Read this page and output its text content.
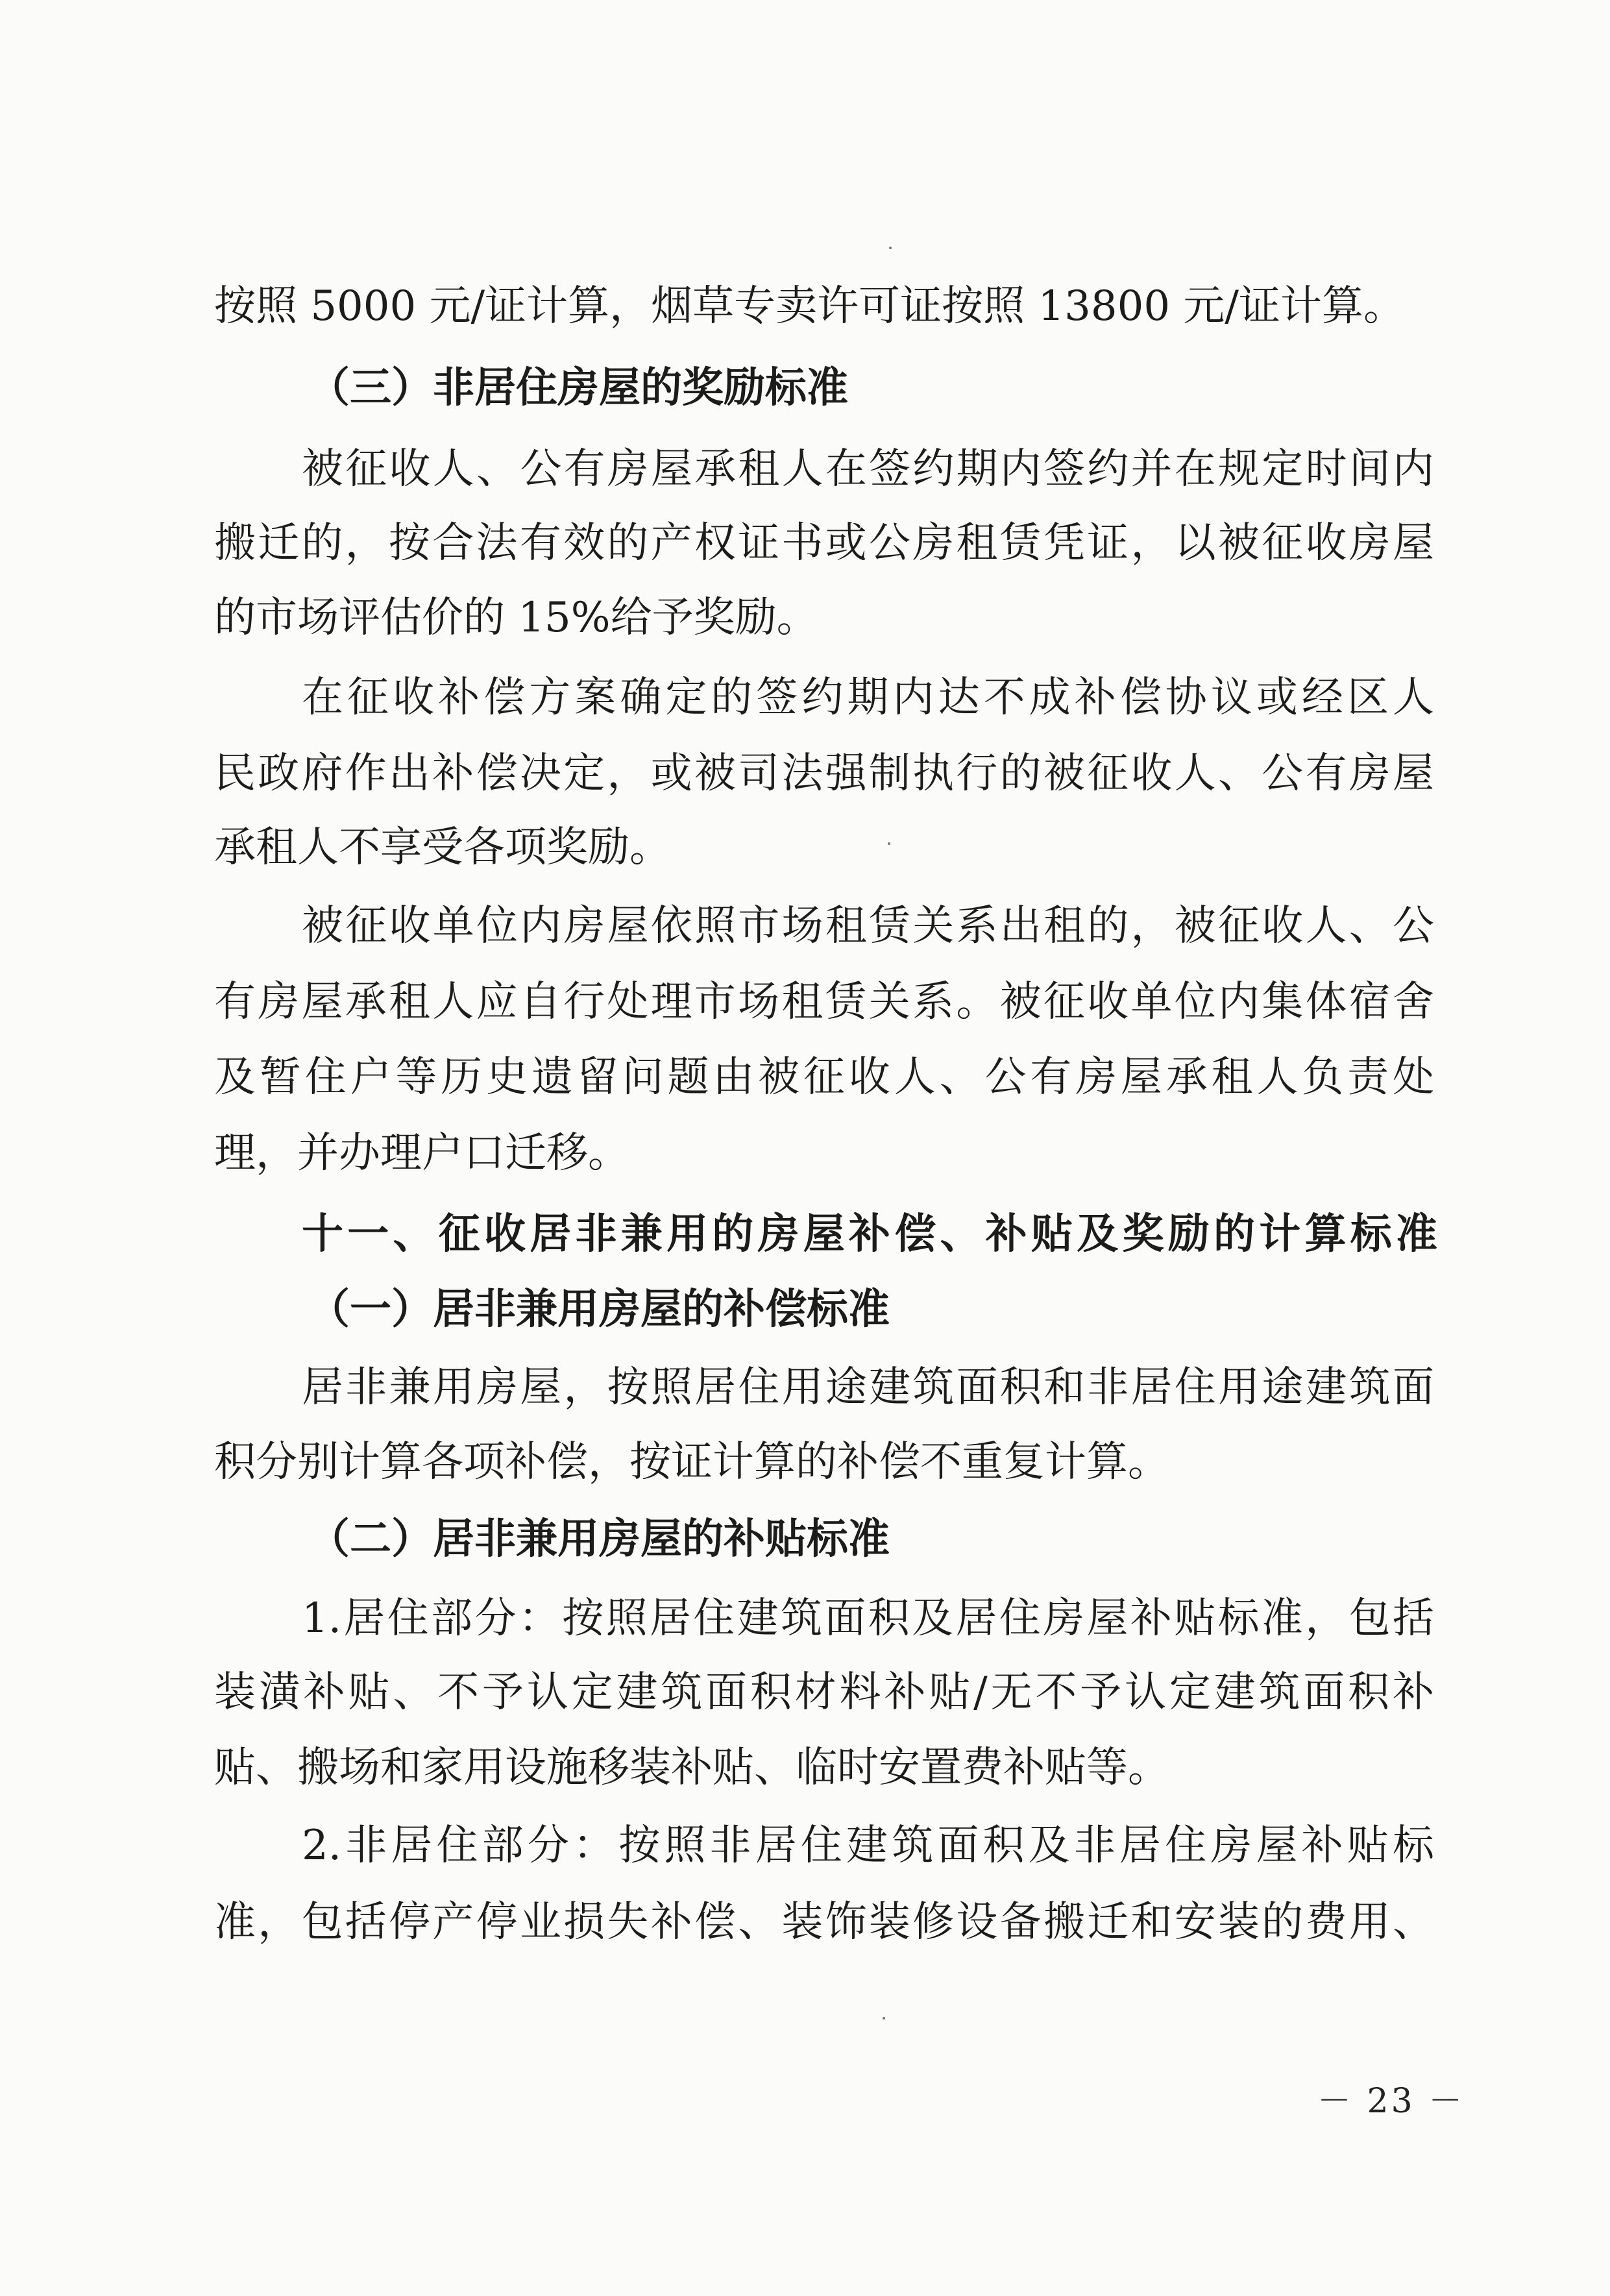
按照 5000 元/证计算，烟草专卖许可证按照 13800 元/证计算。
（三）非居住房屋的奖励标准
被征收人、公有房屋承租人在签约期内签约并在规定时间内
搬迁的，按合法有效的产权证书或公房租赁凭证，以被征收房屋
的市场评估价的 15%给予奖励。
在征收补偿方案确定的签约期内达不成补偿协议或经区人
民政府作出补偿决定，或被司法强制执行的被征收人、公有房屋
承租人不享受各项奖励。
被征收单位内房屋依照市场租赁关系出租的，被征收人、公
有房屋承租人应自行处理市场租赁关系。被征收单位内集体宿舍
及暂住户等历史遗留问题由被征收人、公有房屋承租人负责处
理，并办理户口迁移。
十一、征收居非兼用的房屋补偿、补贴及奖励的计算标准
（一）居非兼用房屋的补偿标准
居非兼用房屋，按照居住用途建筑面积和非居住用途建筑面
积分别计算各项补偿，按证计算的补偿不重复计算。
（二）居非兼用房屋的补贴标准
1.居住部分：按照居住建筑面积及居住房屋补贴标准，包括
装潢补贴、不予认定建筑面积材料补贴/无不予认定建筑面积补
贴、搬场和家用设施移装补贴、临时安置费补贴等。
2.非居住部分：按照非居住建筑面积及非居住房屋补贴标
准，包括停产停业损失补偿、装饰装修设备搬迁和安装的费用、
－ 23 －
